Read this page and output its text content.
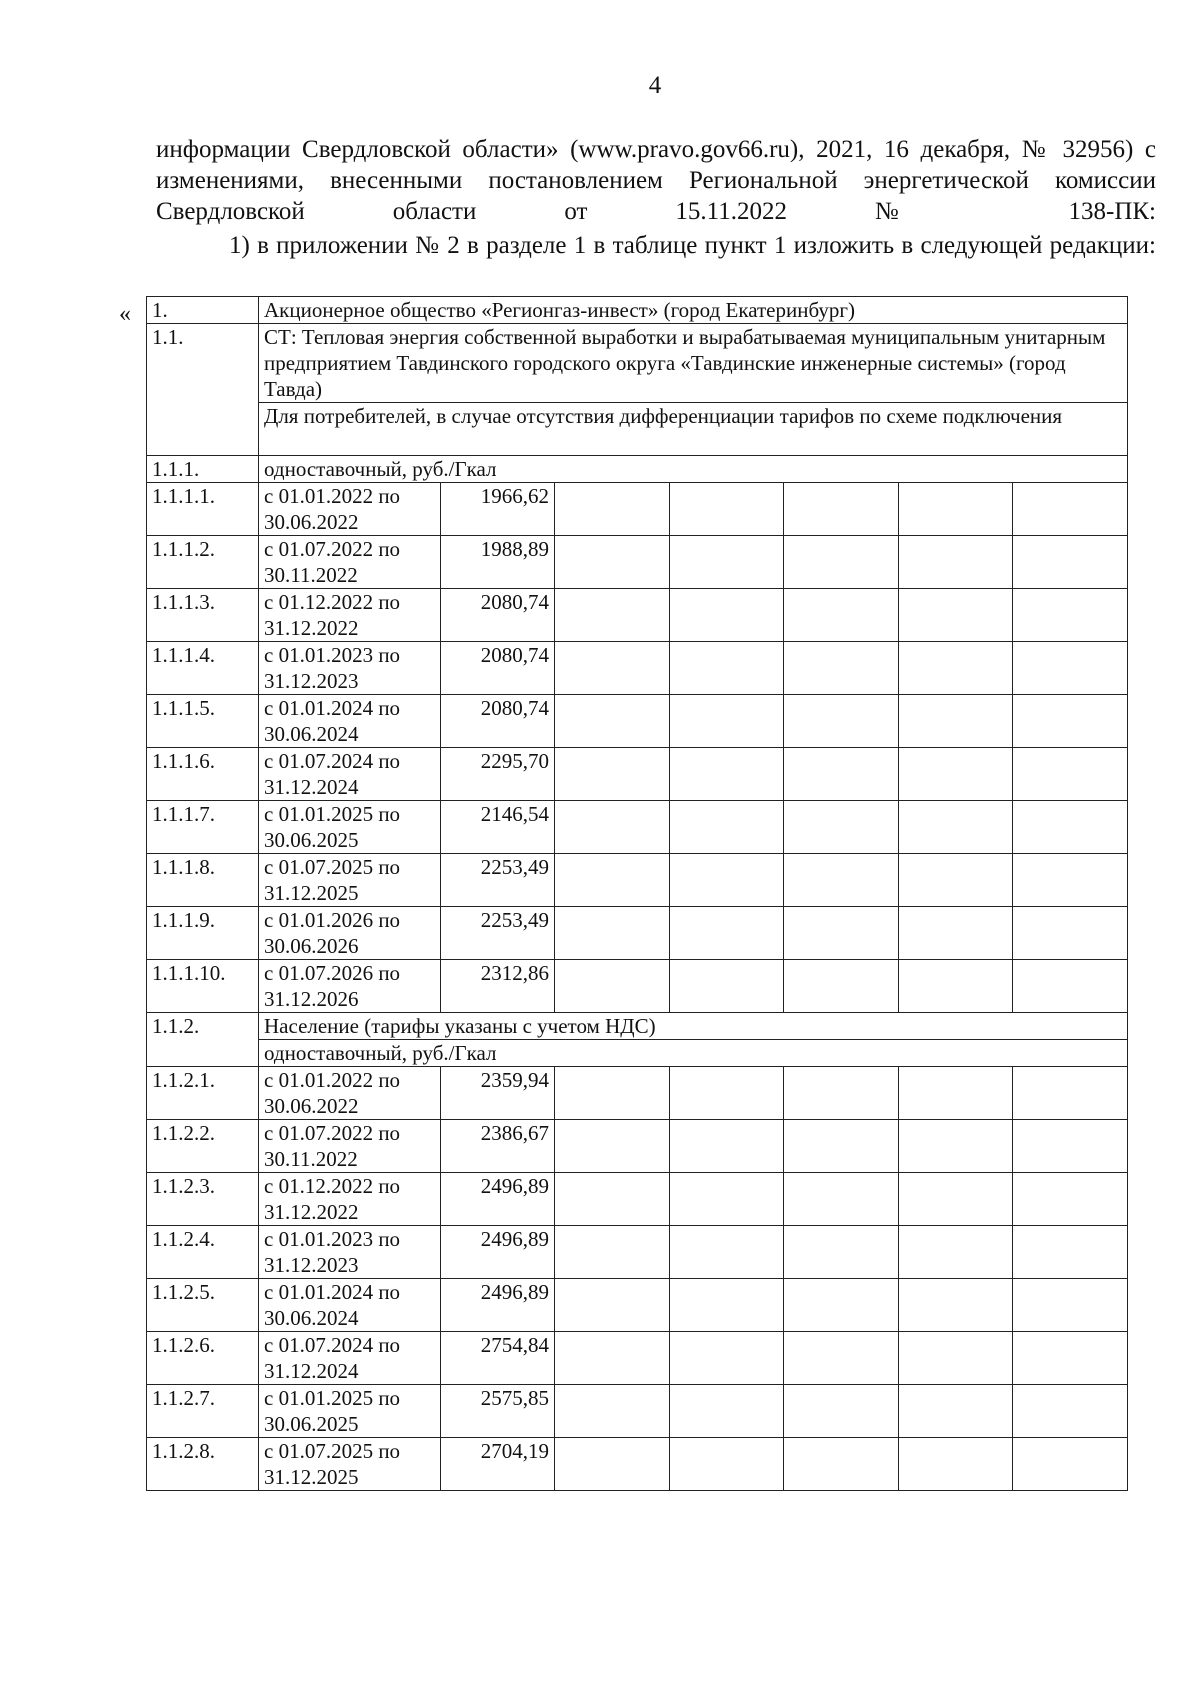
4

информации Свердловской области» (www.pravo.gov66.ru), 2021, 16 декабря, № 32956) с изменениями, внесенными постановлением Региональной энергетической комиссии Свердловской области от 15.11.2022 № 138-ПК:

1) в приложении № 2 в разделе 1 в таблице пункт 1 изложить в следующей редакции:

« 1.	Акционерное общество «Регионгаз-инвест» (город Екатеринбург)						
1.1.	СТ: Тепловая энергия собственной выработки и вырабатываемая муниципальным унитарным предприятием Тавдинского городского округа «Тавдинские инженерные системы» (город Тавда)						
	Для потребителей, в случае отсутствия дифференциации тарифов по схеме подключения						
1.1.1.	одноставочный, руб./Гкал						
1.1.1.1.	с 01.01.2022 по 30.06.2022	1966,62					
1.1.1.2.	с 01.07.2022 по 30.11.2022	1988,89					
1.1.1.3.	с 01.12.2022 по 31.12.2022	2080,74					
1.1.1.4.	с 01.01.2023 по 31.12.2023	2080,74					
1.1.1.5.	с 01.01.2024 по 30.06.2024	2080,74					
1.1.1.6.	с 01.07.2024 по 31.12.2024	2295,70					
1.1.1.7.	с 01.01.2025 по 30.06.2025	2146,54					
1.1.1.8.	с 01.07.2025 по 31.12.2025	2253,49					
1.1.1.9.	с 01.01.2026 по 30.06.2026	2253,49					
1.1.1.10.	с 01.07.2026 по 31.12.2026	2312,86					
1.1.2.	Население (тарифы указаны с учетом НДС)						
	одноставочный, руб./Гкал						
1.1.2.1.	с 01.01.2022 по 30.06.2022	2359,94					
1.1.2.2.	с 01.07.2022 по 30.11.2022	2386,67					
1.1.2.3.	с 01.12.2022 по 31.12.2022	2496,89					
1.1.2.4.	с 01.01.2023 по 31.12.2023	2496,89					
1.1.2.5.	с 01.01.2024 по 30.06.2024	2496,89					
1.1.2.6.	с 01.07.2024 по 31.12.2024	2754,84					
1.1.2.7.	с 01.01.2025 по 30.06.2025	2575,85					
1.1.2.8.	с 01.07.2025 по 31.12.2025	2704,19					
